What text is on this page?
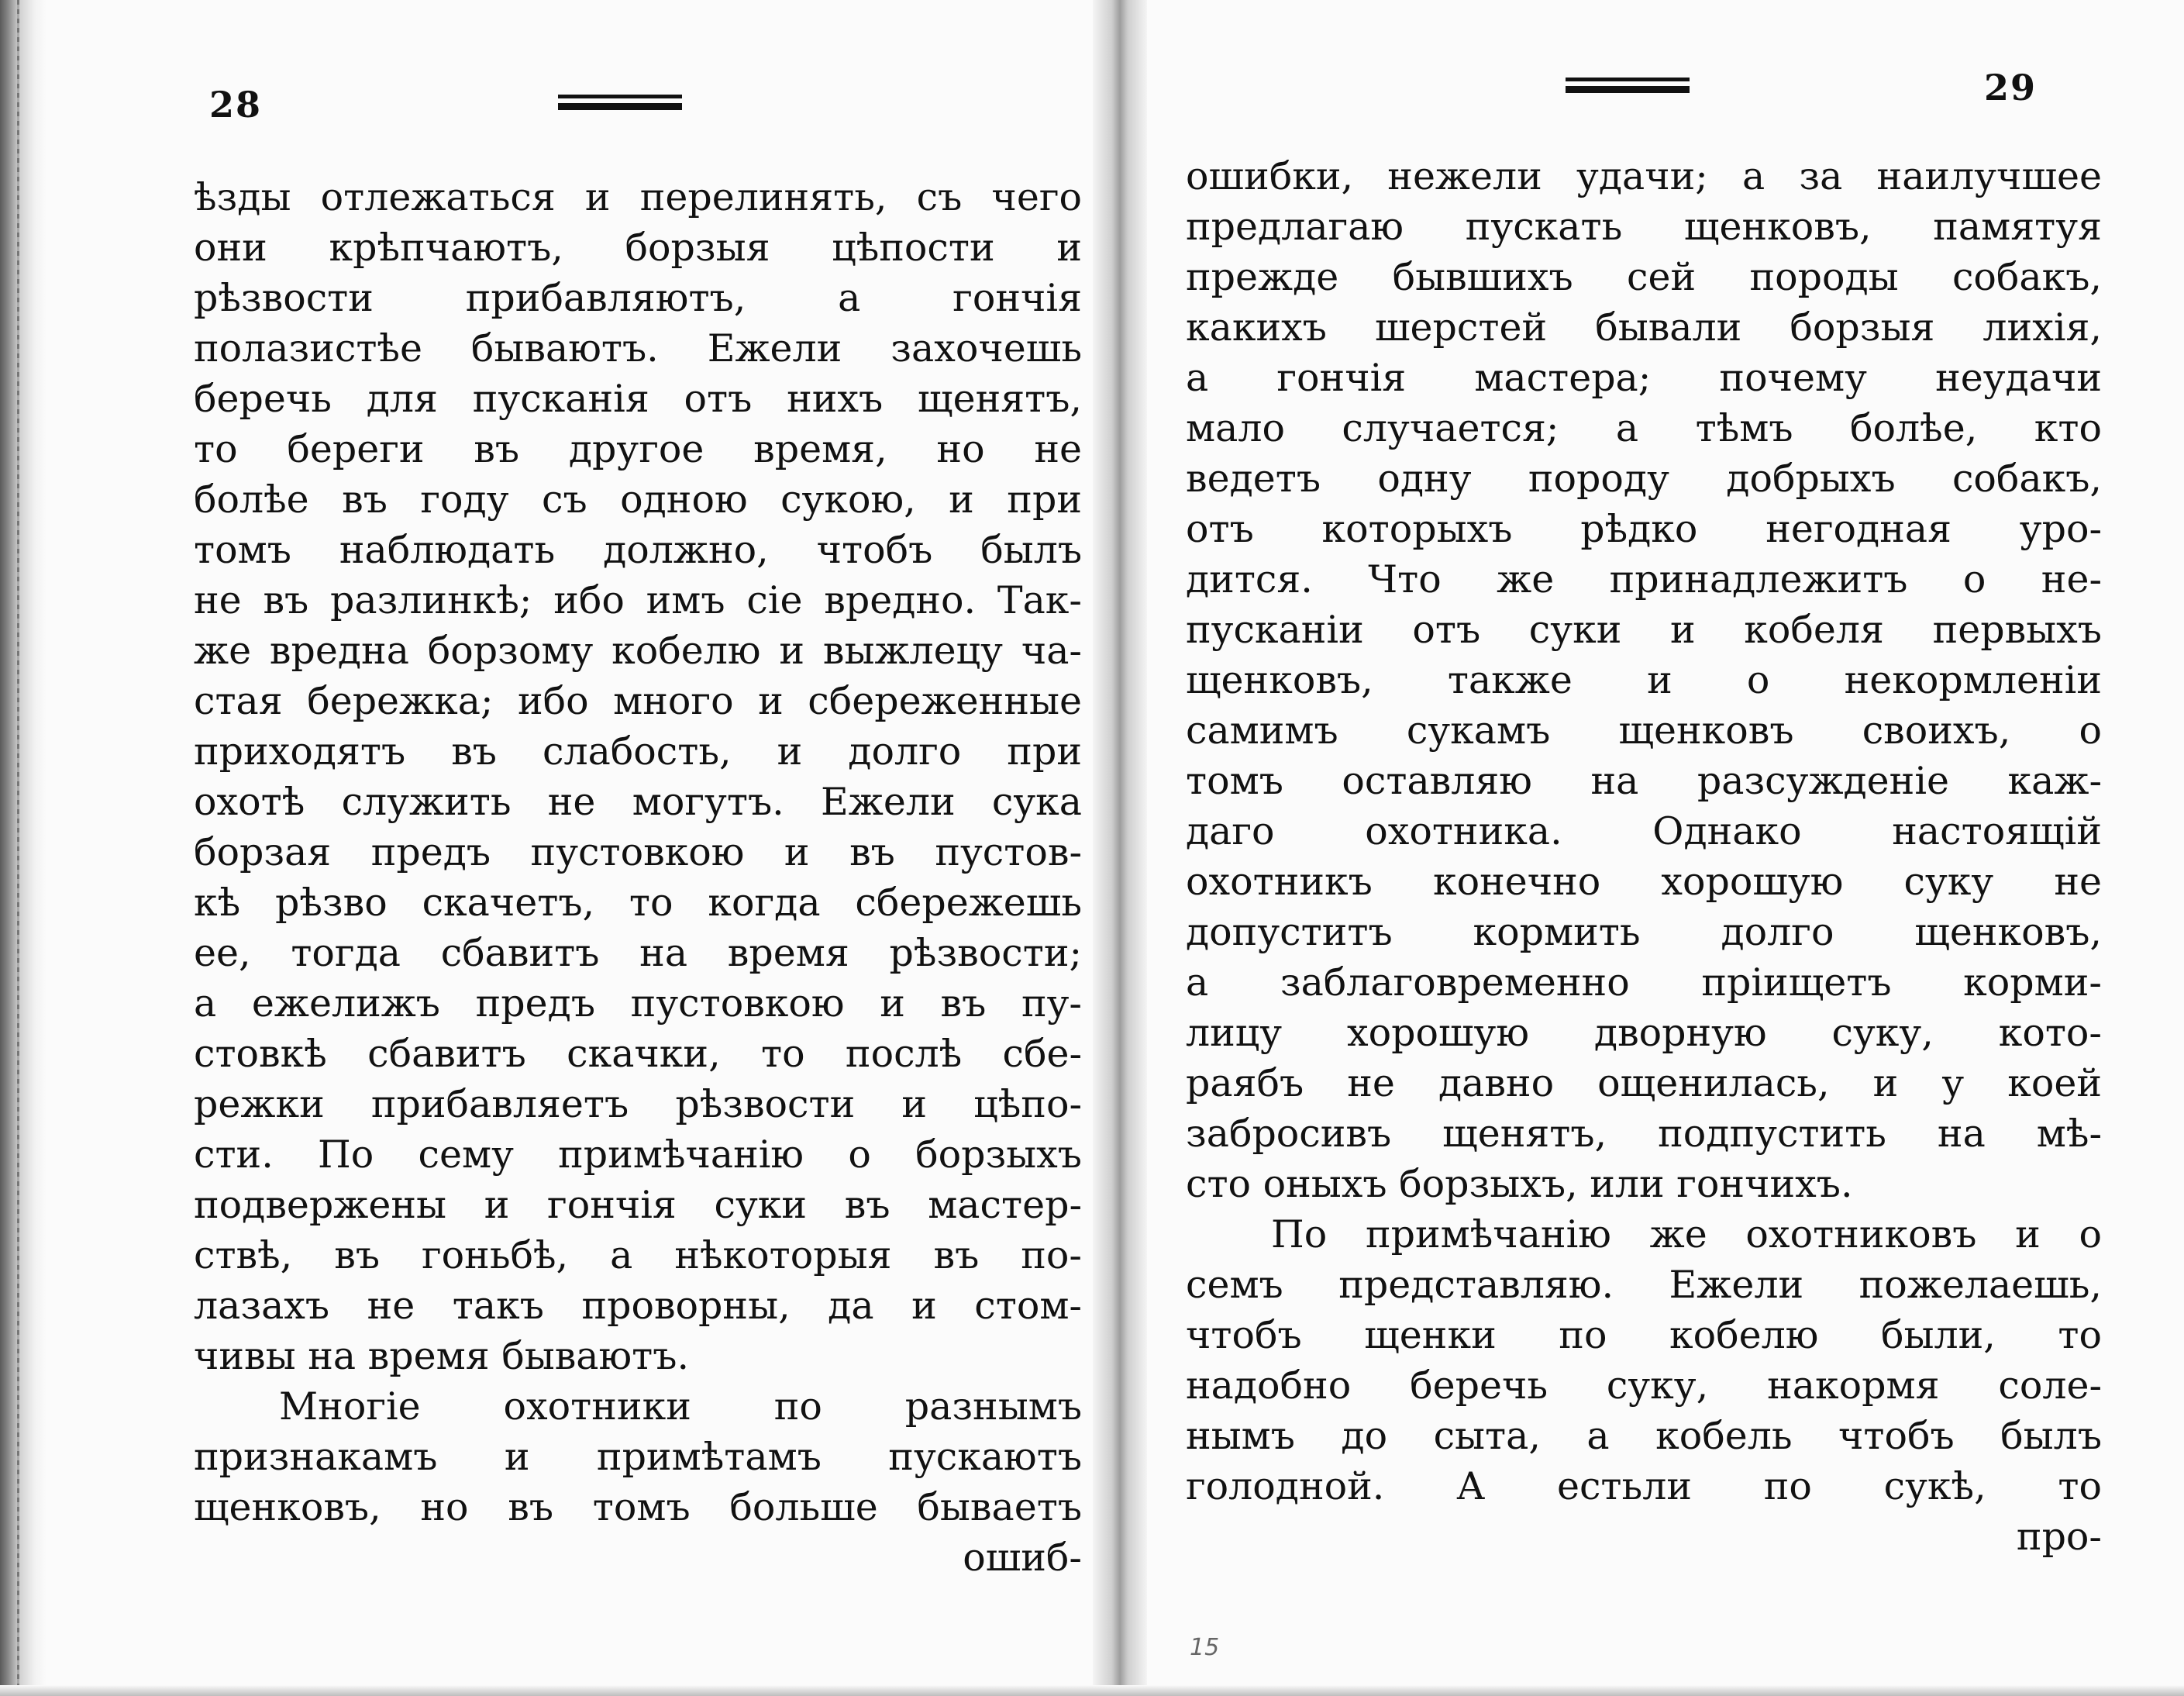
28
ѣзды отлежаться и перелинять, съ чего
они крѣпчаютъ, борзыя цѣпости и
рѣзвости прибавляютъ, а гончія
полазистѣе бываютъ. Ежели захочешь
беречь для пусканія отъ нихъ щенятъ,
то береги въ другое время, но не
болѣе въ году съ одною сукою, и при
томъ наблюдать должно, чтобъ былъ
не въ разлинкѣ; ибо имъ сіе вредно. Так-
же вредна борзому кобелю и выжлецу ча-
стая бережка; ибо много и сбереженные
приходятъ въ слабость, и долго при
охотѣ служить не могутъ. Ежели сука
борзая предъ пустовкою и въ пустов-
кѣ рѣзво скачетъ, то когда сбережешь
ее, тогда сбавитъ на время рѣзвости;
а ежелижъ предъ пустовкою и въ пу-
стовкѣ сбавитъ скачки, то послѣ сбе-
режки прибавляетъ рѣзвости и цѣпо-
сти. По сему примѣчанію о борзыхъ
подвержены и гончія суки въ мастер-
ствѣ, въ гоньбѣ, а нѣкоторыя въ по-
лазахъ не такъ проворны, да и стом-
чивы на время бываютъ.
Многіе охотники по разнымъ
признакамъ и примѣтамъ пускаютъ
щенковъ, но въ томъ больше бываетъ
ошиб-
29
ошибки, нежели удачи; а за наилучшее
предлагаю пускать щенковъ, памятуя
прежде бывшихъ сей породы собакъ,
какихъ шерстей бывали борзыя лихія,
а гончія мастера; почему неудачи
мало случается; а тѣмъ болѣе, кто
ведетъ одну породу добрыхъ собакъ,
отъ которыхъ рѣдко негодная уро-
дится. Что же принадлежитъ о не-
пусканіи отъ суки и кобеля первыхъ
щенковъ, также и о некормленіи
самимъ сукамъ щенковъ своихъ, о
томъ оставляю на разсужденіе каж-
даго охотника. Однако настоящій
охотникъ конечно хорошую суку не
допуститъ кормить долго щенковъ,
а заблаговременно пріищетъ корми-
лицу хорошую дворную суку, кото-
раябъ не давно ощенилась, и у коей
забросивъ щенятъ, подпустить на мѣ-
сто оныхъ борзыхъ, или гончихъ.
По примѣчанію же охотниковъ и о
семъ представляю. Ежели пожелаешь,
чтобъ щенки по кобелю были, то
надобно беречь суку, накормя соле-
нымъ до сыта, а кобель чтобъ былъ
голодной. А естьли по сукѣ, то
про-
15
